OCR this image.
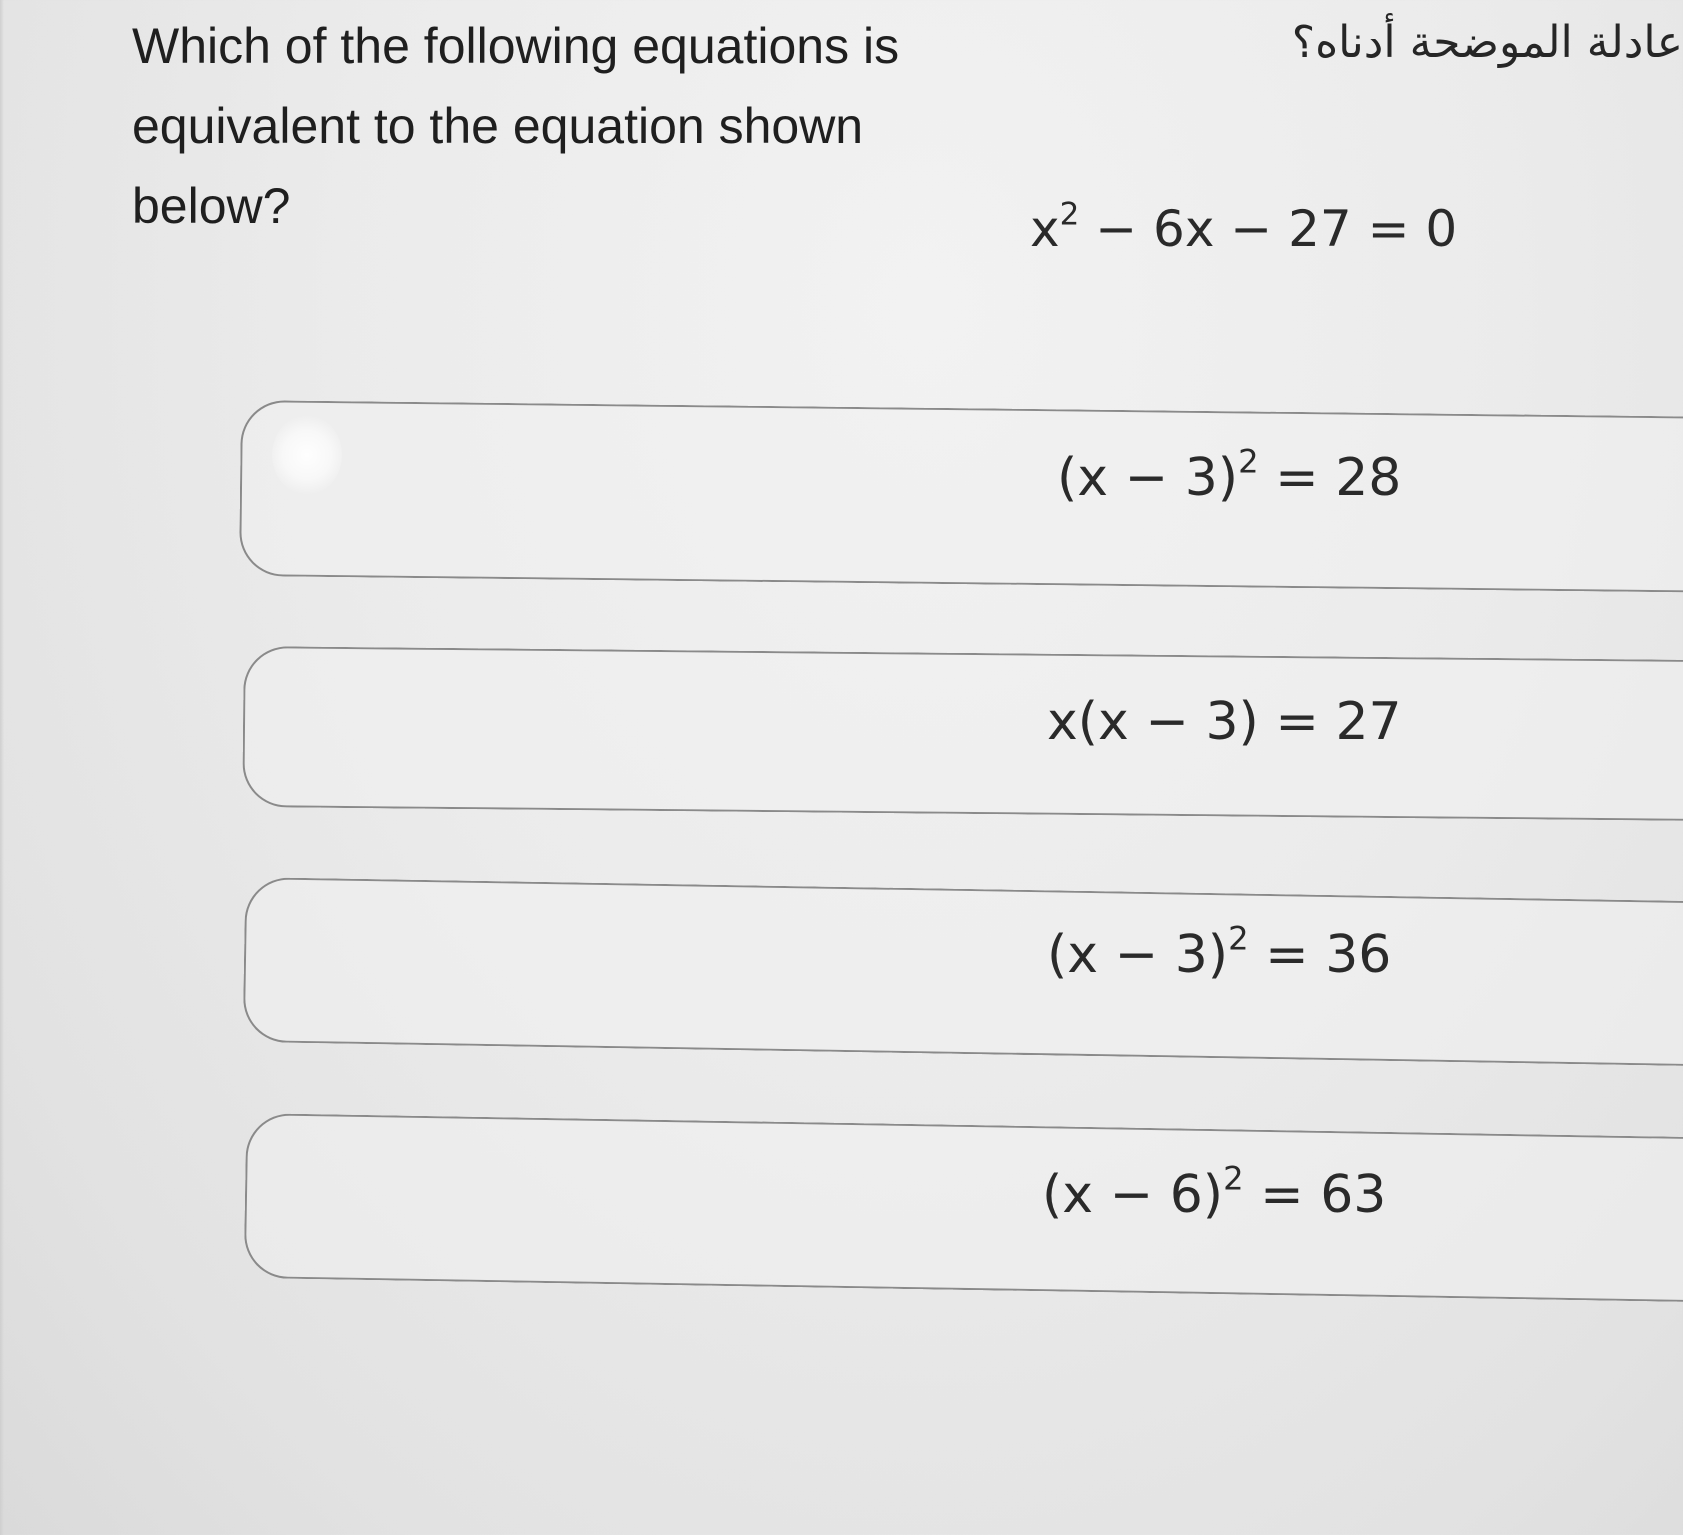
Which of the following equations is equivalent to the equation shown below?

عادلة الموضحة أدناه؟

$x^2 - 6x - 27 = 0$
$(x - 3)^2 = 28$
x(x − 3) = 27
$(x - 3)^2 = 36$
$(x - 6)^2 = 63$
